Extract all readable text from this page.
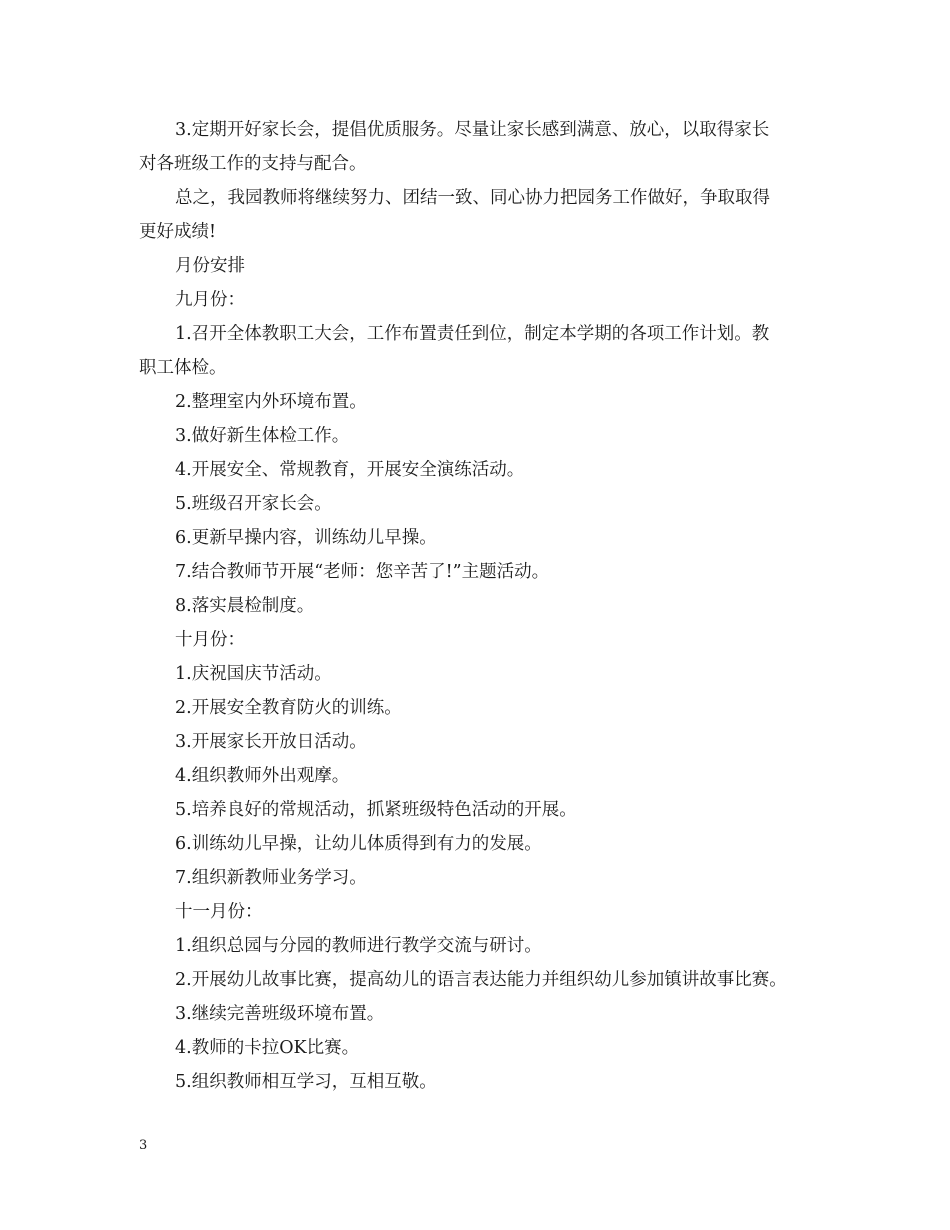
3.定期开好家长会，提倡优质服务。尽量让家长感到满意、放心，以取得家长

对各班级工作的支持与配合。

总之，我园教师将继续努力、团结一致、同心协力把园务工作做好，争取取得

更好成绩!

月份安排

九月份：

1.召开全体教职工大会，工作布置责任到位，制定本学期的各项工作计划。教

职工体检。

2.整理室内外环境布置。

3.做好新生体检工作。

4.开展安全、常规教育，开展安全演练活动。

5.班级召开家长会。

6.更新早操内容，训练幼儿早操。

7.结合教师节开展“老师：您辛苦了!”主题活动。

8.落实晨检制度。

十月份：

1.庆祝国庆节活动。

2.开展安全教育防火的训练。

3.开展家长开放日活动。

4.组织教师外出观摩。

5.培养良好的常规活动，抓紧班级特色活动的开展。

6.训练幼儿早操，让幼儿体质得到有力的发展。

7.组织新教师业务学习。

十一月份：

1.组织总园与分园的教师进行教学交流与研讨。

2.开展幼儿故事比赛，提高幼儿的语言表达能力并组织幼儿参加镇讲故事比赛。

3.继续完善班级环境布置。

4.教师的卡拉OK比赛。

5.组织教师相互学习，互相互敬。

3
